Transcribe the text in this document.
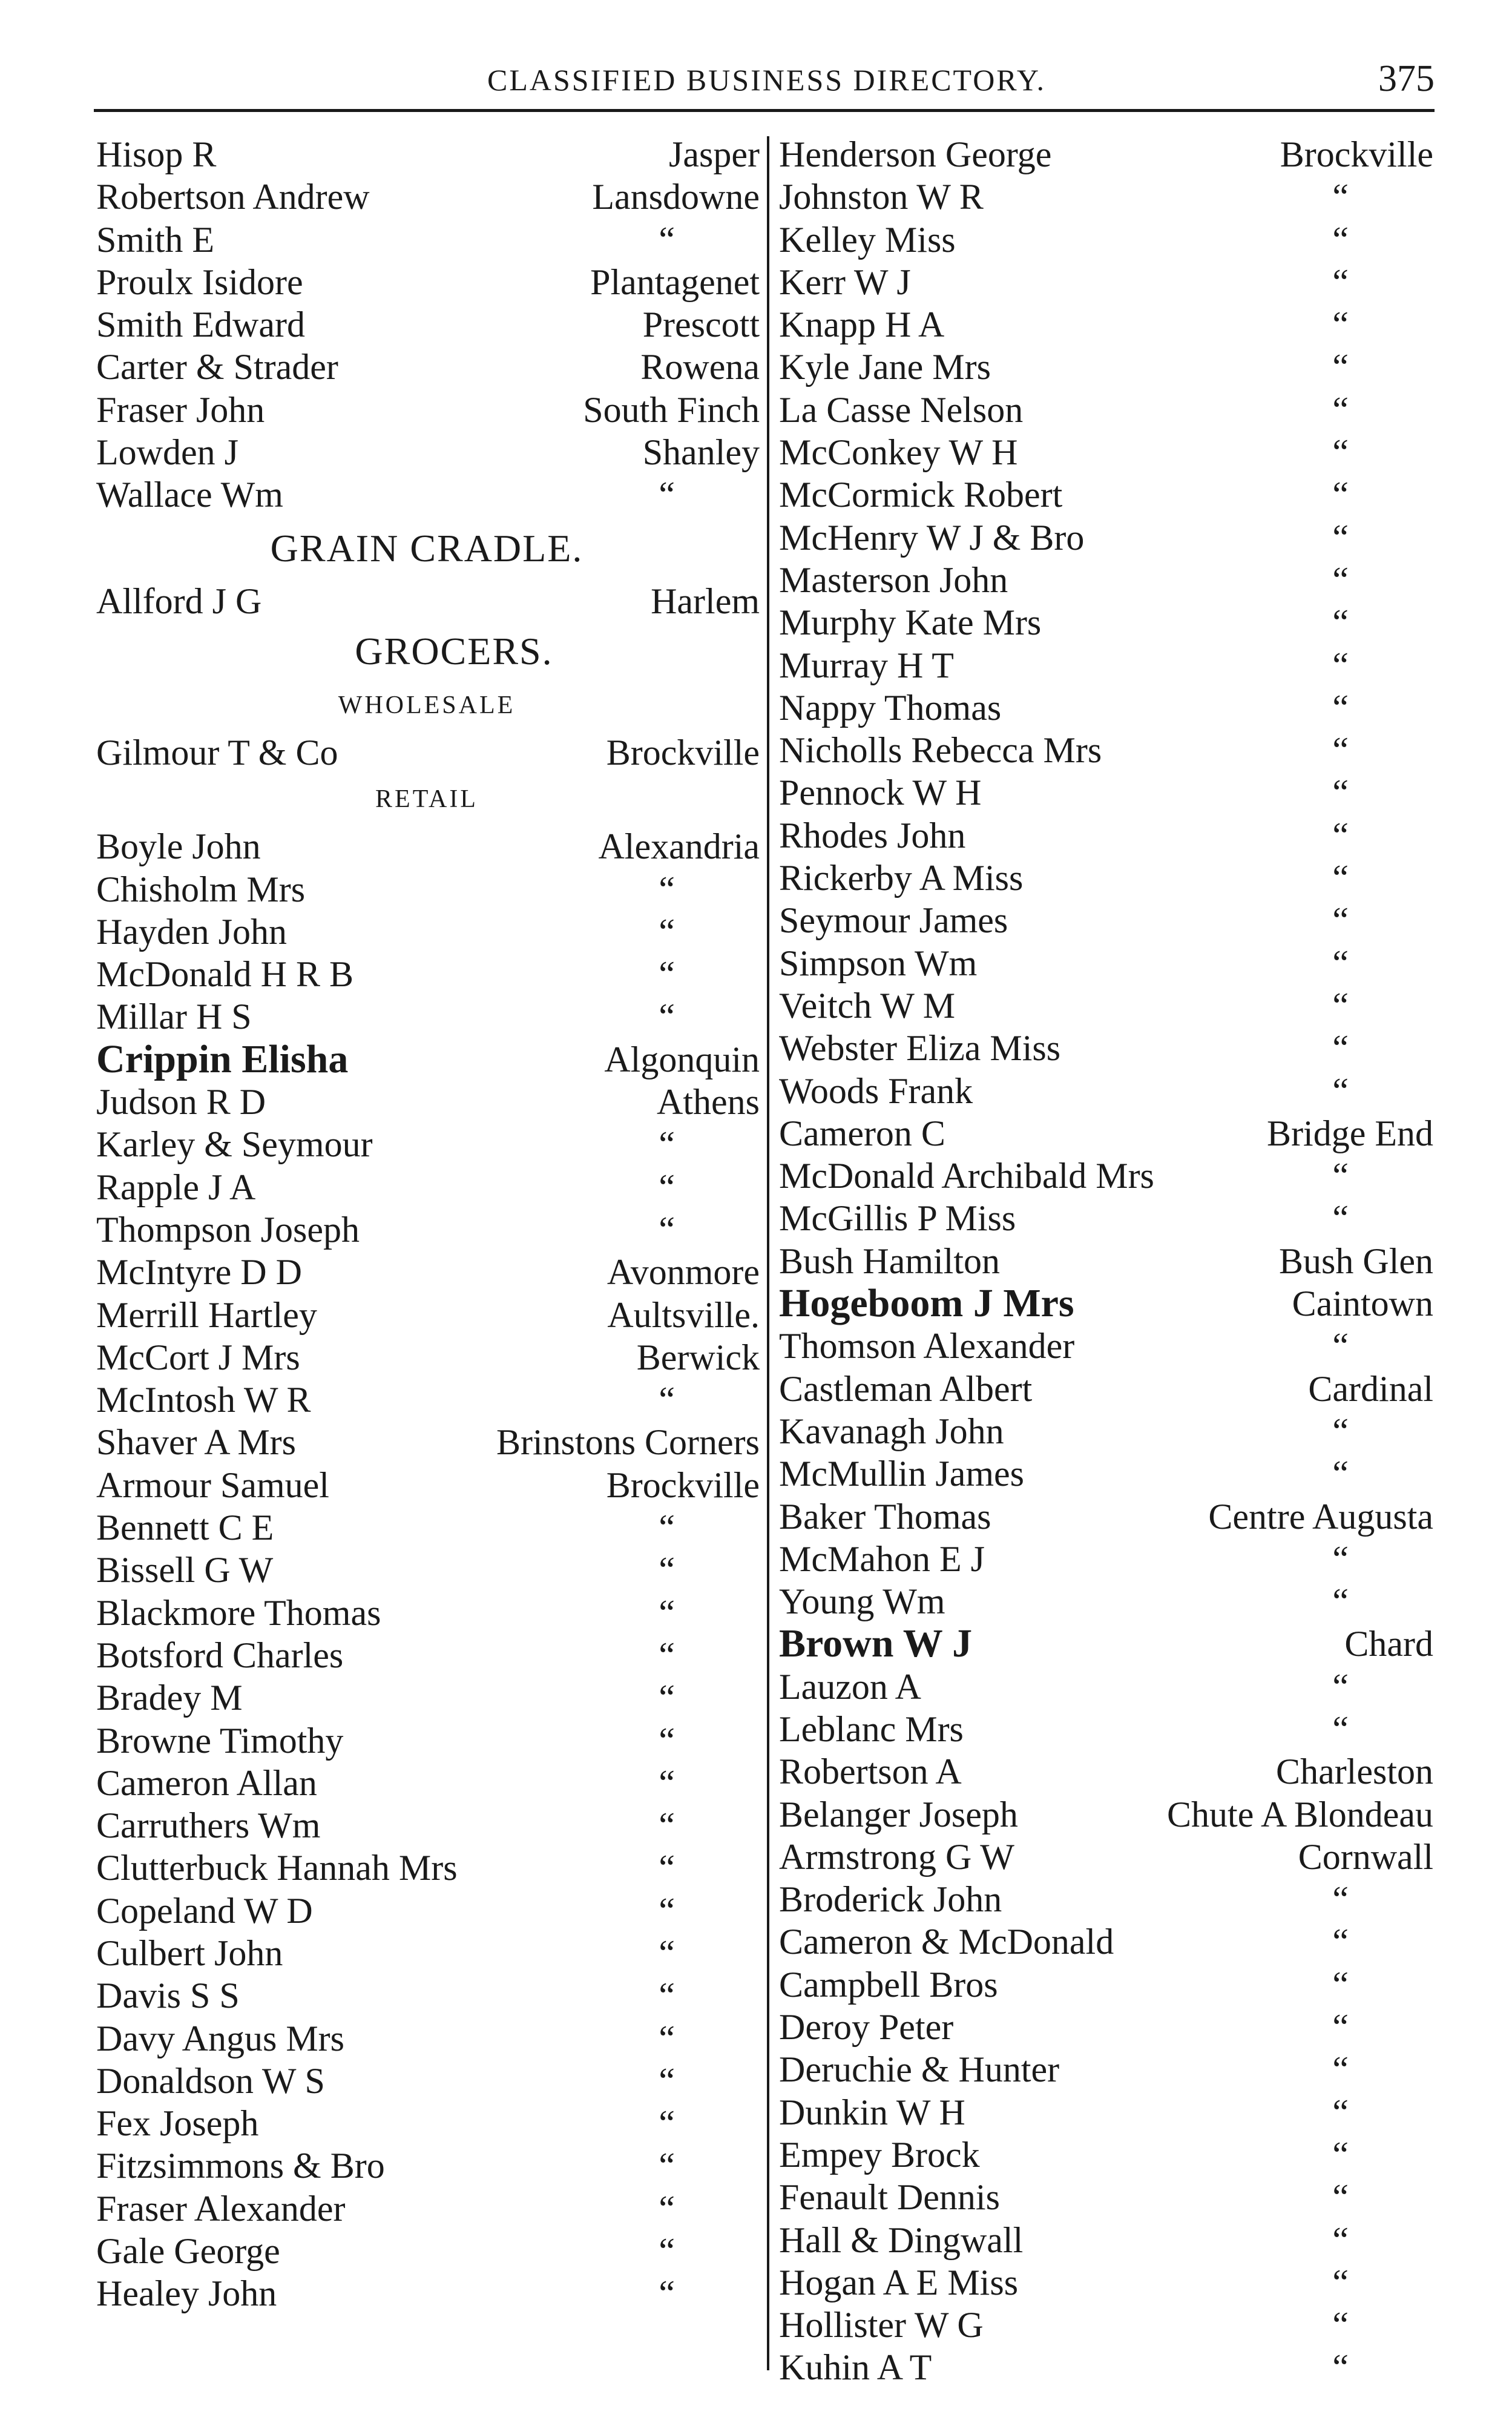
CLASSIFIED BUSINESS DIRECTORY.	375
Hisop R	Jasper
Robertson Andrew	Lansdowne
Smith E	“
Proulx Isidore	Plantagenet
Smith Edward	Prescott
Carter & Strader	Rowena
Fraser John	South Finch
Lowden J	Shanley
Wallace Wm	“
GRAIN CRADLE.
Allford J G	Harlem
GROCERS.
WHOLESALE
Gilmour T & Co	Brockville
RETAIL
Boyle John	Alexandria
Chisholm Mrs	“
Hayden John	“
McDonald H R B	“
Millar H S	“
Crippin Elisha	Algonquin
Judson R D	Athens
Karley & Seymour	“
Rapple J A	“
Thompson Joseph	“
McIntyre D D	Avonmore
Merrill Hartley	Aultsville.
McCort J Mrs	Berwick
McIntosh W R	“
Shaver A Mrs	Brinstons Corners
Armour Samuel	Brockville
Bennett C E	“
Bissell G W	“
Blackmore Thomas	“
Botsford Charles	“
Bradey M	“
Browne Timothy	“
Cameron Allan	“
Carruthers Wm	“
Clutterbuck Hannah Mrs	“
Copeland W D	“
Culbert John	“
Davis S S	“
Davy Angus Mrs	“
Donaldson W S	“
Fex Joseph	“
Fitzsimmons & Bro	“
Fraser Alexander	“
Gale George	“
Healey John	“
Henderson George	Brockville
Johnston W R	“
Kelley Miss	“
Kerr W J	“
Knapp H A	“
Kyle Jane Mrs	“
La Casse Nelson	“
McConkey W H	“
McCormick Robert	“
McHenry W J & Bro	“
Masterson John	“
Murphy Kate Mrs	“
Murray H T	“
Nappy Thomas	“
Nicholls Rebecca Mrs	“
Pennock W H	“
Rhodes John	“
Rickerby A Miss	“
Seymour James	“
Simpson Wm	“
Veitch W M	“
Webster Eliza Miss	“
Woods Frank	“
Cameron C	Bridge End
McDonald Archibald Mrs	“
McGillis P Miss	“
Bush Hamilton	Bush Glen
Hogeboom J Mrs	Caintown
Thomson Alexander	“
Castleman Albert	Cardinal
Kavanagh John	“
McMullin James	“
Baker Thomas	Centre Augusta
McMahon E J	“
Young Wm	“
Brown W J	Chard
Lauzon A	“
Leblanc Mrs	“
Robertson A	Charleston
Belanger Joseph	Chute A Blondeau
Armstrong G W	Cornwall
Broderick John	“
Cameron & McDonald	“
Campbell Bros	“
Deroy Peter	“
Deruchie & Hunter	“
Dunkin W H	“
Empey Brock	“
Fenault Dennis	“
Hall & Dingwall	“
Hogan A E Miss	“
Hollister W G	“
Kuhin A T	“
